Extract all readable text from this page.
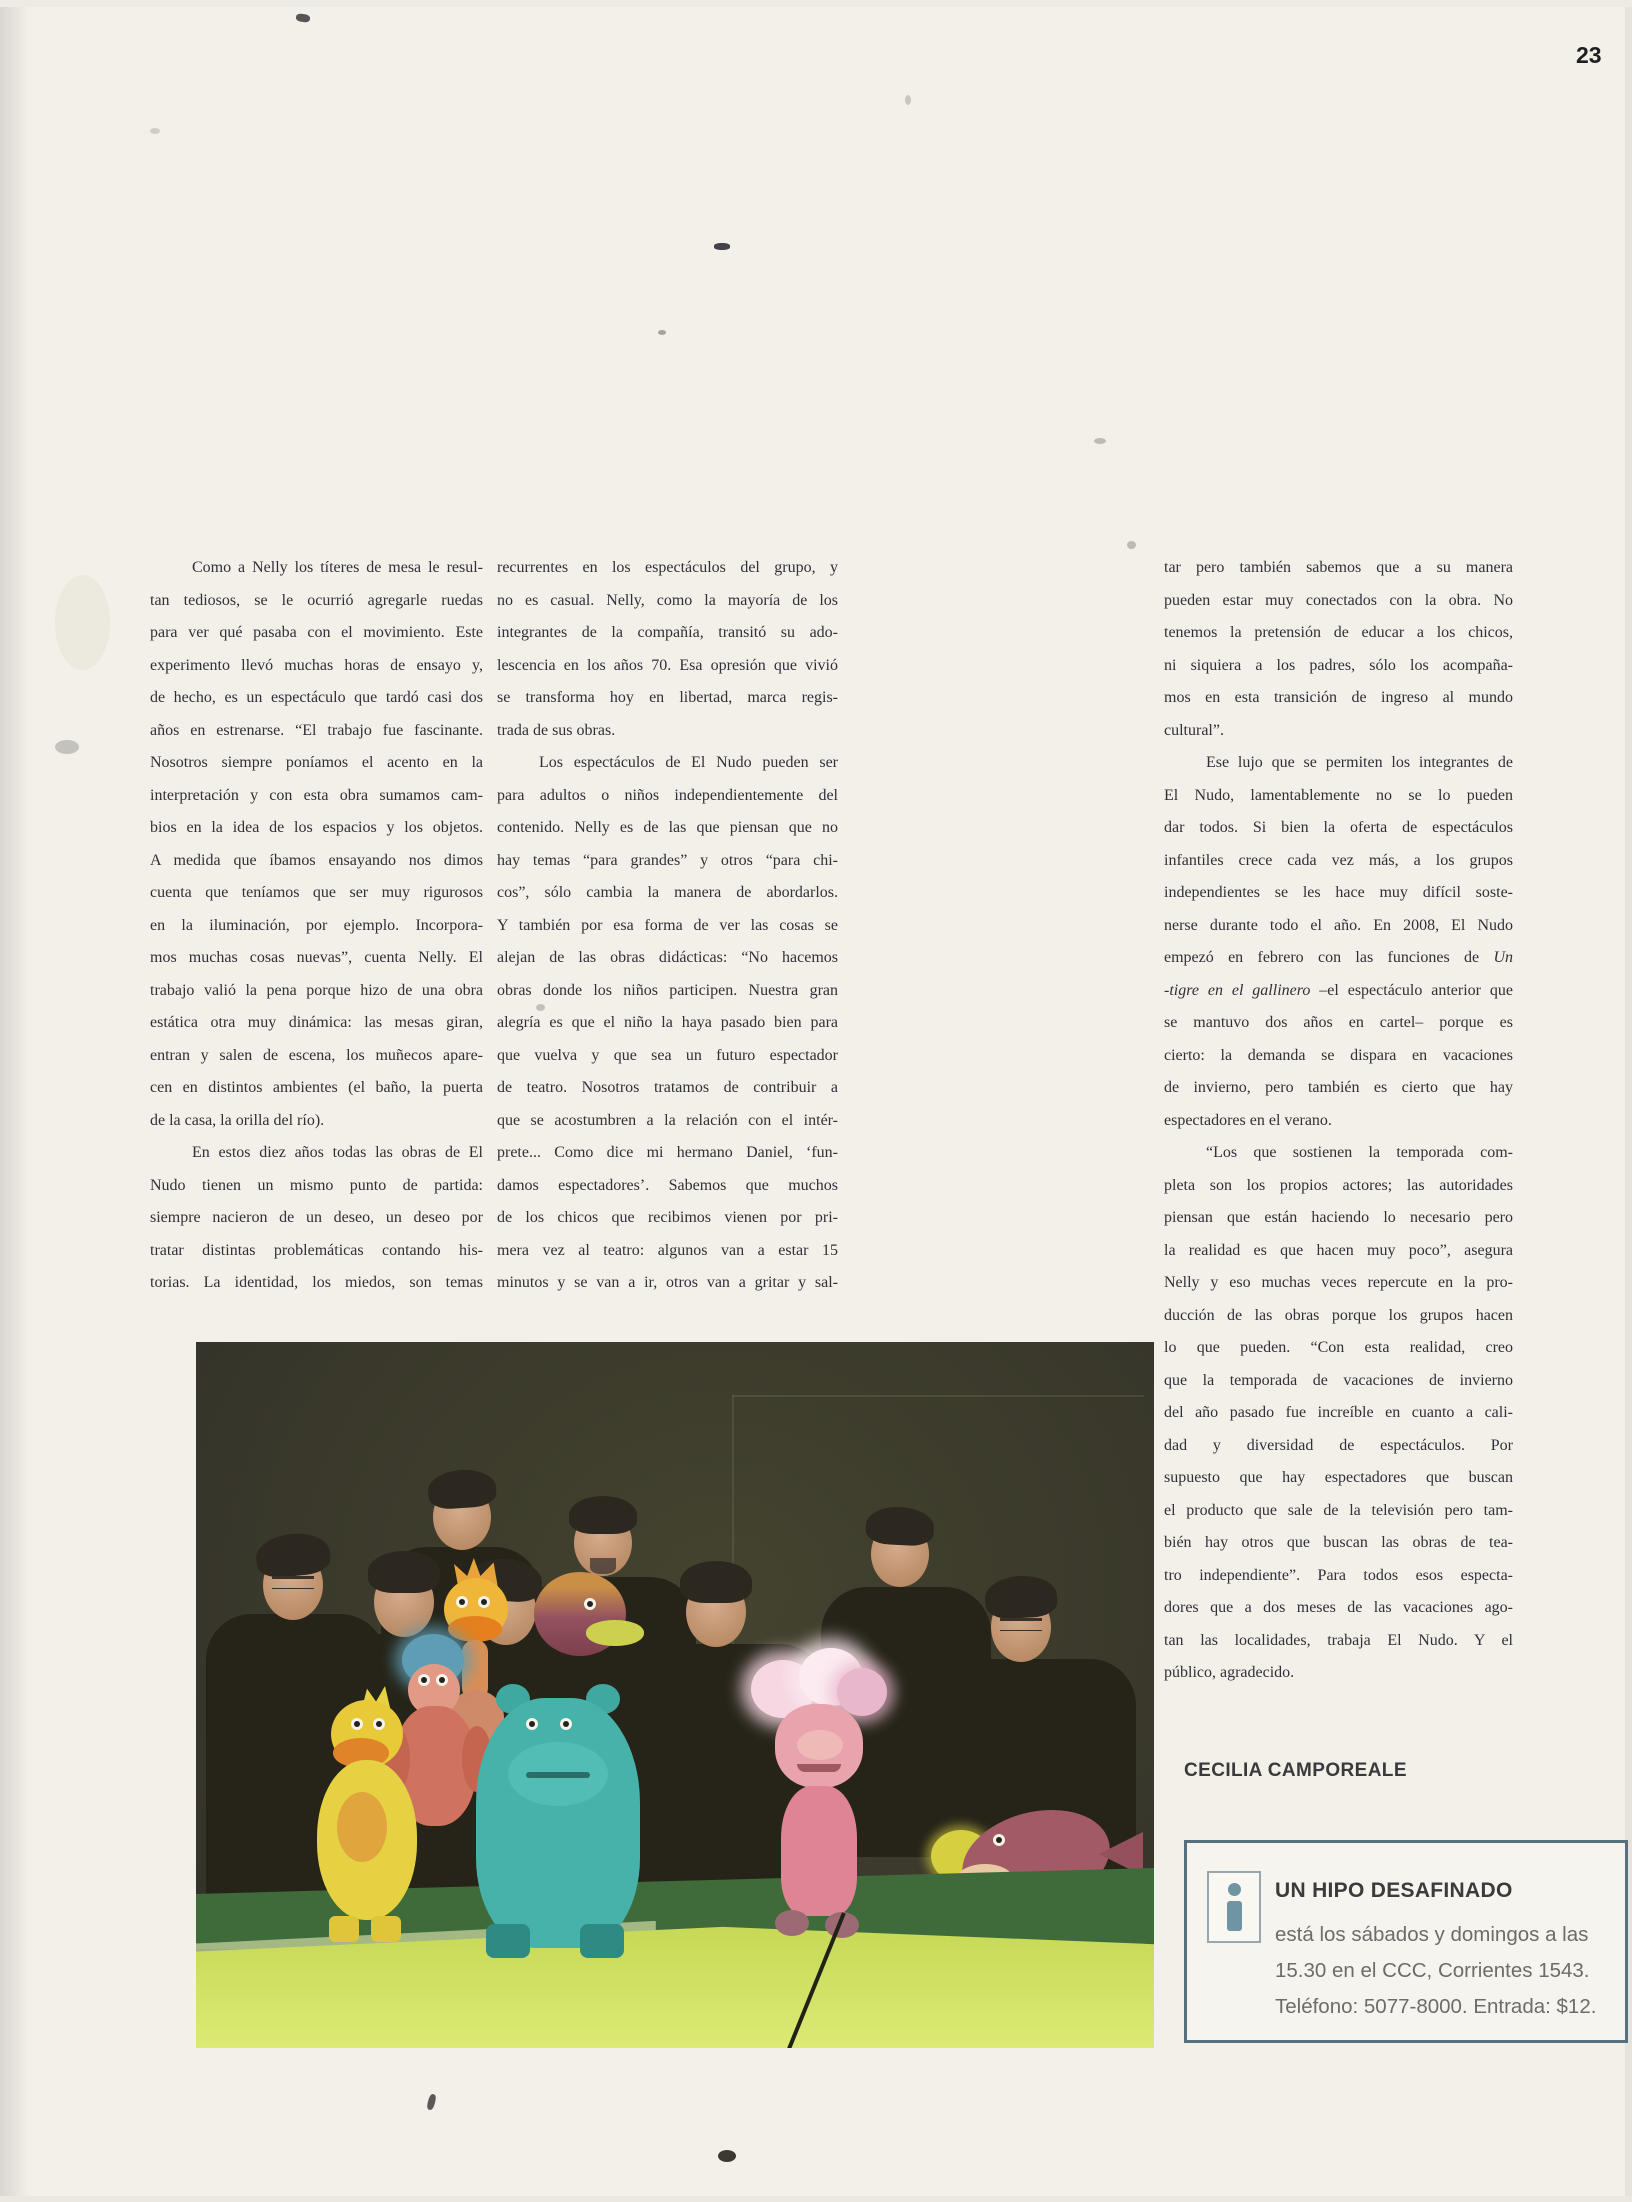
23
Como a Nelly los títeres de mesa le resul-
tan tediosos, se le ocurrió agregarle ruedas
para ver qué pasaba con el movimiento. Este
experimento llevó muchas horas de ensayo y,
de hecho, es un espectáculo que tardó casi dos
años en estrenarse. “El trabajo fue fascinante.
Nosotros siempre poníamos el acento en la
interpretación y con esta obra sumamos cam-
bios en la idea de los espacios y los objetos.
A medida que íbamos ensayando nos dimos
cuenta que teníamos que ser muy rigurosos
en la iluminación, por ejemplo. Incorpora-
mos muchas cosas nuevas”, cuenta Nelly. El
trabajo valió la pena porque hizo de una obra
estática otra muy dinámica: las mesas giran,
entran y salen de escena, los muñecos apare-
cen en distintos ambientes (el baño, la puerta
de la casa, la orilla del río).
En estos diez años todas las obras de El
Nudo tienen un mismo punto de partida:
siempre nacieron de un deseo, un deseo por
tratar distintas problemáticas contando his-
torias. La identidad, los miedos, son temas
recurrentes en los espectáculos del grupo, y
no es casual. Nelly, como la mayoría de los
integrantes de la compañía, transitó su ado-
lescencia en los años 70. Esa opresión que vivió
se transforma hoy en libertad, marca regis-
trada de sus obras.
Los espectáculos de El Nudo pueden ser
para adultos o niños independientemente del
contenido. Nelly es de las que piensan que no
hay temas “para grandes” y otros “para chi-
cos”, sólo cambia la manera de abordarlos.
Y también por esa forma de ver las cosas se
alejan de las obras didácticas: “No hacemos
obras donde los niños participen. Nuestra gran
alegría es que el niño la haya pasado bien para
que vuelva y que sea un futuro espectador
de teatro. Nosotros tratamos de contribuir a
que se acostumbren a la relación con el intér-
prete... Como dice mi hermano Daniel, ‘fun-
damos espectadores’. Sabemos que muchos
de los chicos que recibimos vienen por pri-
mera vez al teatro: algunos van a estar 15
minutos y se van a ir, otros van a gritar y sal-
tar pero también sabemos que a su manera
pueden estar muy conectados con la obra. No
tenemos la pretensión de educar a los chicos,
ni siquiera a los padres, sólo los acompaña-
mos en esta transición de ingreso al mundo
cultural”.
Ese lujo que se permiten los integrantes de
El Nudo, lamentablemente no se lo pueden
dar todos. Si bien la oferta de espectáculos
infantiles crece cada vez más, a los grupos
independientes se les hace muy difícil soste-
nerse durante todo el año. En 2008, El Nudo
empezó en febrero con las funciones de Un
-tigre en el gallinero –el espectáculo anterior que
se mantuvo dos años en cartel– porque es
cierto: la demanda se dispara en vacaciones
de invierno, pero también es cierto que hay
espectadores en el verano.
“Los que sostienen la temporada com-
pleta son los propios actores; las autoridades
piensan que están haciendo lo necesario pero
la realidad es que hacen muy poco”, asegura
Nelly y eso muchas veces repercute en la pro-
ducción de las obras porque los grupos hacen
lo que pueden. “Con esta realidad, creo
que la temporada de vacaciones de invierno
del año pasado fue increíble en cuanto a cali-
dad y diversidad de espectáculos. Por
supuesto que hay espectadores que buscan
el producto que sale de la televisión pero tam-
bién hay otros que buscan las obras de tea-
tro independiente”. Para todos esos especta-
dores que a dos meses de las vacaciones ago-
tan las localidades, trabaja El Nudo. Y el
público, agradecido.
CECILIA CAMPOREALE
UN HIPO DESAFINADO
está los sábados y domingos a las
15.30 en el CCC, Corrientes 1543.
Teléfono: 5077-8000. Entrada: $12.
